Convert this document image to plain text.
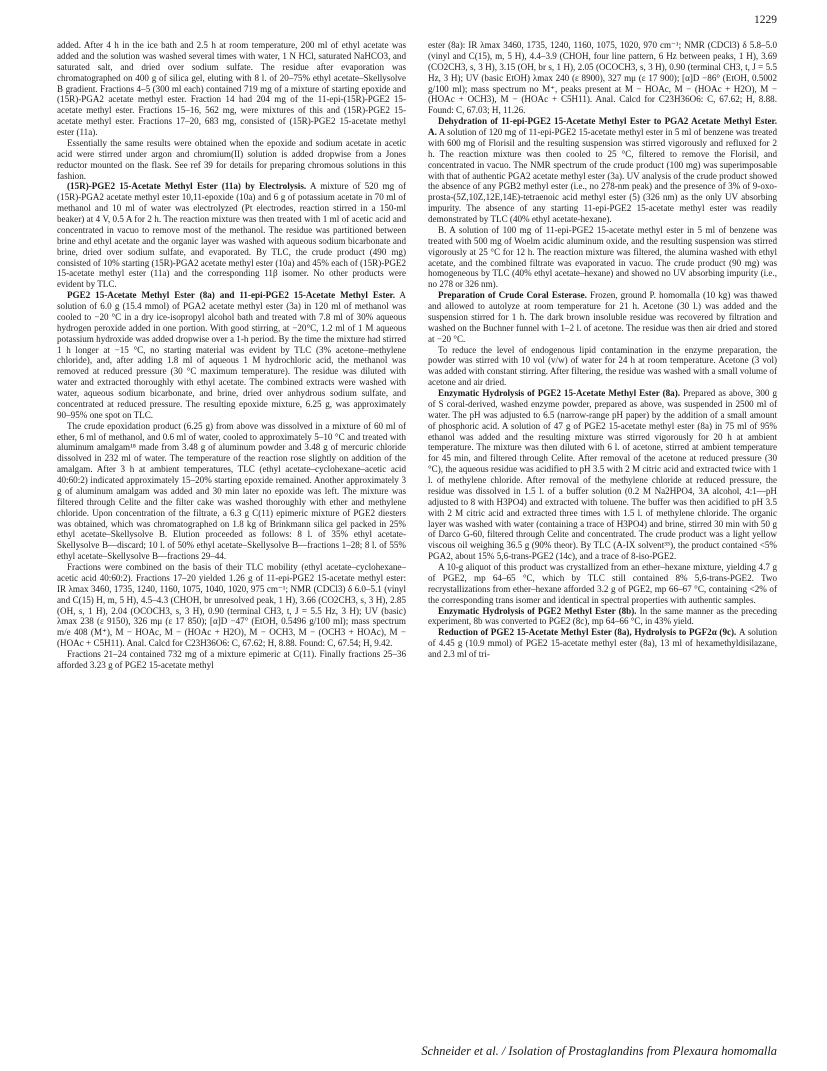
1229

added. After 4 h in the ice bath and 2.5 h at room temperature, 200 ml of ethyl acetate was added and the solution was washed several times with water, 1 N HCl, saturated NaHCO3, and saturated salt, and dried over sodium sulfate. The residue after evaporation was chromatographed on 400 g of silica gel, eluting with 8 l. of 20–75% ethyl acetate–Skellysolve B gradient. Fractions 4–5 (300 ml each) contained 719 mg of a mixture of starting epoxide and (15R)-PGA2 acetate methyl ester. Fraction 14 had 204 mg of the 11-epi-(15R)-PGE2 15-acetate methyl ester. Fractions 15–16, 562 mg, were mixtures of this and (15R)-PGE2 15-acetate methyl ester. Fractions 17–20, 683 mg, consisted of (15R)-PGE2 15-acetate methyl ester (11a).

Essentially the same results were obtained when the epoxide and sodium acetate in acetic acid were stirred under argon and chromium(II) solution is added dropwise from a Jones reductor mounted on the flask. See ref 39 for details for preparing chromous solutions in this fashion.

(15R)-PGE2 15-Acetate Methyl Ester (11a) by Electrolysis. A mixture of 520 mg of (15R)-PGA2 acetate methyl ester 10,11-epoxide (10a) and 6 g of potassium acetate in 70 ml of methanol and 10 ml of water was electrolyzed (Pt electrodes, reaction stirred in a 150-ml beaker) at 4 V, 0.5 A for 2 h. The reaction mixture was then treated with 1 ml of acetic acid and concentrated in vacuo to remove most of the methanol. The residue was partitioned between brine and ethyl acetate and the organic layer was washed with aqueous sodium bicarbonate and brine, dried over sodium sulfate, and evaporated. By TLC, the crude product (490 mg) consisted of 10% starting (15R)-PGA2 acetate methyl ester (10a) and 45% each of (15R)-PGE2 15-acetate methyl ester (11a) and the corresponding 11β isomer. No other products were evident by TLC.

PGE2 15-Acetate Methyl Ester (8a) and 11-epi-PGE2 15-Acetate Methyl Ester. A solution of 6.0 g (15.4 mmol) of PGA2 acetate methyl ester (3a) in 120 ml of methanol was cooled to −20 °C in a dry ice-isopropyl alcohol bath and treated with 7.8 ml of 30% aqueous hydrogen peroxide added in one portion. With good stirring, at −20°C, 1.2 ml of 1 M aqueous potassium hydroxide was added dropwise over a 1-h period. By the time the mixture had stirred 1 h longer at −15 °C, no starting material was evident by TLC (3% acetone–methylene chloride), and, after adding 1.8 ml of aqueous 1 M hydrochloric acid, the methanol was removed at reduced pressure (30 °C maximum temperature). The residue was diluted with water and extracted thoroughly with ethyl acetate. The combined extracts were washed with water, aqueous sodium bicarbonate, and brine, dried over anhydrous sodium sulfate, and concentrated at reduced pressure. The resulting epoxide mixture, 6.25 g, was approximately 90–95% one spot on TLC.

The crude epoxidation product (6.25 g) from above was dissolved in a mixture of 60 ml of ether, 6 ml of methanol, and 0.6 ml of water, cooled to approximately 5–10 °C and treated with aluminum amalgam¹⁸ made from 3.48 g of aluminum powder and 3.48 g of mercuric chloride dissolved in 232 ml of water. The temperature of the reaction rose slightly on addition of the amalgam. After 3 h at ambient temperatures, TLC (ethyl acetate–cyclohexane–acetic acid 40:60:2) indicated approximately 15–20% starting epoxide remained. Another approximately 3 g of aluminum amalgam was added and 30 min later no epoxide was left. The mixture was filtered through Celite and the filter cake was washed thoroughly with ether and methylene chloride. Upon concentration of the filtrate, a 6.3 g C(11) epimeric mixture of PGE2 diesters was obtained, which was chromatographed on 1.8 kg of Brinkmann silica gel packed in 25% ethyl acetate–Skellysolve B. Elution proceeded as follows: 8 l. of 35% ethyl acetate-Skellysolve B—discard; 10 l. of 50% ethyl acetate–Skellysolve B—fractions 1–28; 8 l. of 55% ethyl acetate–Skellysolve B—fractions 29–44.

Fractions were combined on the basis of their TLC mobility (ethyl acetate–cyclohexane–acetic acid 40:60:2). Fractions 17–20 yielded 1.26 g of 11-epi-PGE2 15-acetate methyl ester: IR λmax 3460, 1735, 1240, 1160, 1075, 1040, 1020, 975 cm⁻¹; NMR (CDCl3) δ 6.0–5.1 (vinyl and C(15) H, m, 5 H), 4.5–4.3 (CHOH, br unresolved peak, 1 H), 3.66 (CO2CH3, s, 3 H), 2.85 (OH, s, 1 H), 2.04 (OCOCH3, s, 3 H), 0.90 (terminal CH3, t, J = 5.5 Hz, 3 H); UV (basic) λmax 238 (ε 9150), 326 mμ (ε 17 850); [α]D −47° (EtOH, 0.5496 g/100 ml); mass spectrum m/e 408 (M⁺), M − HOAc, M − (HOAc + H2O), M − OCH3, M − (OCH3 + HOAc), M − (HOAc + C5H11). Anal. Calcd for C23H36O6: C, 67.62; H, 8.88. Found: C, 67.54; H, 9.42.

Fractions 21–24 contained 732 mg of a mixture epimeric at C(11). Finally fractions 25–36 afforded 3.23 g of PGE2 15-acetate methyl

ester (8a): IR λmax 3460, 1735, 1240, 1160, 1075, 1020, 970 cm⁻¹; NMR (CDCl3) δ 5.8–5.0 (vinyl and C(15), m, 5 H), 4.4–3.9 (CHOH, four line pattern, 6 Hz between peaks, 1 H), 3.69 (CO2CH3, s, 3 H), 3.15 (OH, br s, 1 H), 2.05 (OCOCH3, s, 3 H), 0.90 (terminal CH3, t, J = 5.5 Hz, 3 H); UV (basic EtOH) λmax 240 (ε 8900), 327 mμ (ε 17 900); [α]D −86° (EtOH, 0.5002 g/100 ml); mass spectrum no M⁺, peaks present at M − HOAc, M − (HOAc + H2O), M − (HOAc + OCH3), M − (HOAc + C5H11). Anal. Calcd for C23H36O6: C, 67.62; H, 8.88. Found: C, 67.03; H, 11.26.

Dehydration of 11-epi-PGE2 15-Acetate Methyl Ester to PGA2 Acetate Methyl Ester. A. A solution of 120 mg of 11-epi-PGE2 15-acetate methyl ester in 5 ml of benzene was treated with 600 mg of Florisil and the resulting suspension was stirred vigorously and refluxed for 2 h. The reaction mixture was then cooled to 25 °C, filtered to remove the Florisil, and concentrated in vacuo. The NMR spectrum of the crude product (100 mg) was superimposable with that of authentic PGA2 acetate methyl ester (3a). UV analysis of the crude product showed the absence of any PGB2 methyl ester (i.e., no 278-nm peak) and the presence of 3% of 9-oxo-prosta-(5Z,10Z,12E,14E)-tetraenoic acid methyl ester (5) (326 nm) as the only UV absorbing impurity. The absence of any starting 11-epi-PGE2 15-acetate methyl ester was readily demonstrated by TLC (40% ethyl acetate-hexane).

B. A solution of 100 mg of 11-epi-PGE2 15-acetate methyl ester in 5 ml of benzene was treated with 500 mg of Woelm acidic aluminum oxide, and the resulting suspension was stirred vigorously at 25 °C for 12 h. The reaction mixture was filtered, the alumina washed with ethyl acetate, and the combined filtrate was evaporated in vacuo. The crude product (90 mg) was homogeneous by TLC (40% ethyl acetate–hexane) and showed no UV absorbing impurity (i.e., no 278 or 326 nm).

Preparation of Crude Coral Esterase. Frozen, ground P. homomalla (10 kg) was thawed and allowed to autolyze at room temperature for 21 h. Acetone (30 l.) was added and the suspension stirred for 1 h. The dark brown insoluble residue was recovered by filtration and washed on the Buchner funnel with 1–2 l. of acetone. The residue was then air dried and stored at −20 °C.

To reduce the level of endogenous lipid contamination in the enzyme preparation, the powder was stirred with 10 vol (v/w) of water for 24 h at room temperature. Acetone (3 vol) was added with constant stirring. After filtering, the residue was washed with a small volume of acetone and air dried.

Enzymatic Hydrolysis of PGE2 15-Acetate Methyl Ester (8a). Prepared as above, 300 g of S coral-derived, washed enzyme powder, prepared as above, was suspended in 2500 ml of water. The pH was adjusted to 6.5 (narrow-range pH paper) by the addition of a small amount of phosphoric acid. A solution of 47 g of PGE2 15-acetate methyl ester (8a) in 75 ml of 95% ethanol was added and the resulting mixture was stirred vigorously for 20 h at ambient temperature. The mixture was then diluted with 6 l. of acetone, stirred at ambient temperature for 45 min, and filtered through Celite. After removal of the acetone at reduced pressure (30 °C), the aqueous residue was acidified to pH 3.5 with 2 M citric acid and extracted twice with 1 l. of methylene chloride. After removal of the methylene chloride at reduced pressure, the residue was dissolved in 1.5 l. of a buffer solution (0.2 M Na2HPO4, 3A alcohol, 4:1—pH adjusted to 8 with H3PO4) and extracted with toluene. The buffer was then acidified to pH 3.5 with 2 M citric acid and extracted three times with 1.5 l. of methylene chloride. The organic layer was washed with water (containing a trace of H3PO4) and brine, stirred 30 min with 50 g of Darco G-60, filtered through Celite and concentrated. The crude product was a light yellow viscous oil weighing 36.5 g (90% theor). By TLC (A-IX solvent³⁵), the product contained <5% PGA2, about 15% 5,6-trans-PGE2 (14c), and a trace of 8-iso-PGE2.

A 10-g aliquot of this product was crystallized from an ether–hexane mixture, yielding 4.7 g of PGE2, mp 64–65 °C, which by TLC still contained 8% 5,6-trans-PGE2. Two recrystallizations from ether–hexane afforded 3.2 g of PGE2, mp 66–67 °C, containing <2% of the corresponding trans isomer and identical in spectral properties with authentic samples.

Enzymatic Hydrolysis of PGE2 Methyl Ester (8b). In the same manner as the preceding experiment, 8b was converted to PGE2 (8c), mp 64–66 °C, in 43% yield.

Reduction of PGE2 15-Acetate Methyl Ester (8a), Hydrolysis to PGF2α (9c). A solution of 4.45 g (10.9 mmol) of PGE2 15-acetate methyl ester (8a), 13 ml of hexamethyldisilazane, and 2.3 ml of tri-

Schneider et al. / Isolation of Prostaglandins from Plexaura homomalla
